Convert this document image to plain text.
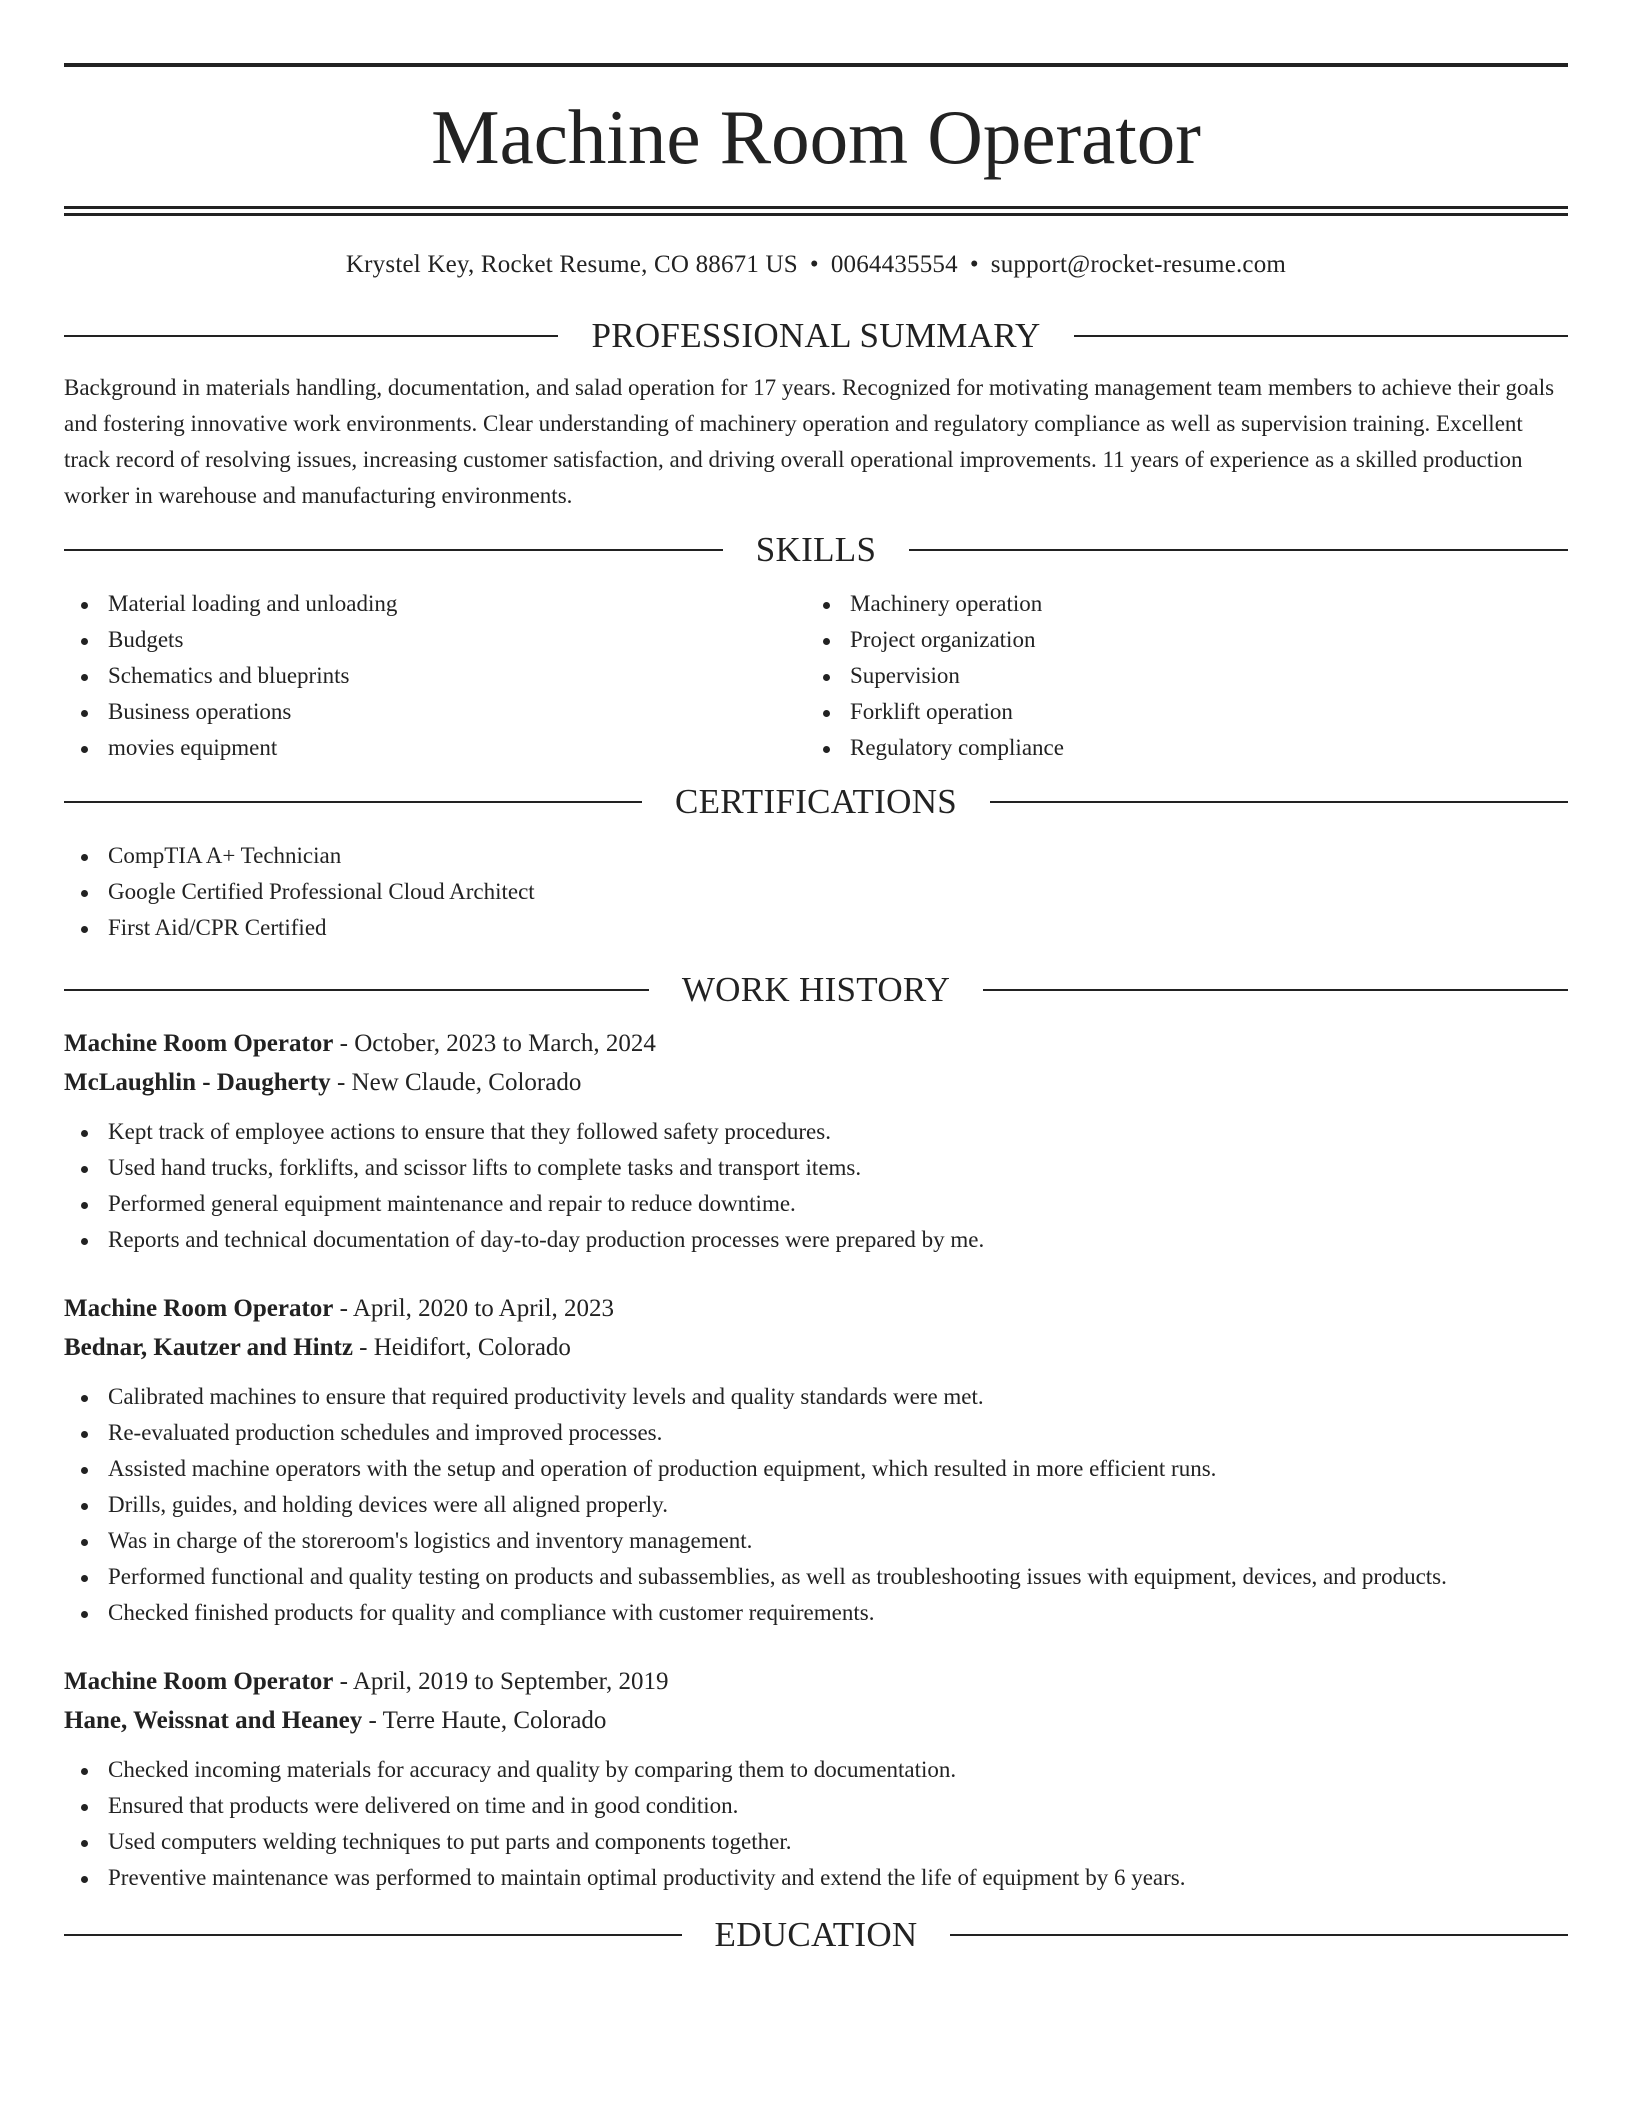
Machine Room Operator
Krystel Key, Rocket Resume, CO 88671 US • 0064435554 • support@rocket-resume.com
PROFESSIONAL SUMMARY

Background in materials handling, documentation, and salad operation for 17 years. Recognized for motivating management team members to achieve their goals and fostering innovative work environments. Clear understanding of machinery operation and regulatory compliance as well as supervision training. Excellent track record of resolving issues, increasing customer satisfaction, and driving overall operational improvements. 11 years of experience as a skilled production worker in warehouse and manufacturing environments.

SKILLS
Material loading and unloading
Budgets
Schematics and blueprints
Business operations
movies equipment
Machinery operation
Project organization
Supervision
Forklift operation
Regulatory compliance
CERTIFICATIONS
CompTIA A+ Technician
Google Certified Professional Cloud Architect
First Aid/CPR Certified
WORK HISTORY
Machine Room Operator - October, 2023 to March, 2024
McLaughlin - Daugherty - New Claude, Colorado
Kept track of employee actions to ensure that they followed safety procedures.
Used hand trucks, forklifts, and scissor lifts to complete tasks and transport items.
Performed general equipment maintenance and repair to reduce downtime.
Reports and technical documentation of day-to-day production processes were prepared by me.
Machine Room Operator - April, 2020 to April, 2023
Bednar, Kautzer and Hintz - Heidifort, Colorado
Calibrated machines to ensure that required productivity levels and quality standards were met.
Re-evaluated production schedules and improved processes.
Assisted machine operators with the setup and operation of production equipment, which resulted in more efficient runs.
Drills, guides, and holding devices were all aligned properly.
Was in charge of the storeroom's logistics and inventory management.
Performed functional and quality testing on products and subassemblies, as well as troubleshooting issues with equipment, devices, and products.
Checked finished products for quality and compliance with customer requirements.
Machine Room Operator - April, 2019 to September, 2019
Hane, Weissnat and Heaney - Terre Haute, Colorado
Checked incoming materials for accuracy and quality by comparing them to documentation.
Ensured that products were delivered on time and in good condition.
Used computers welding techniques to put parts and components together.
Preventive maintenance was performed to maintain optimal productivity and extend the life of equipment by 6 years.
EDUCATION
